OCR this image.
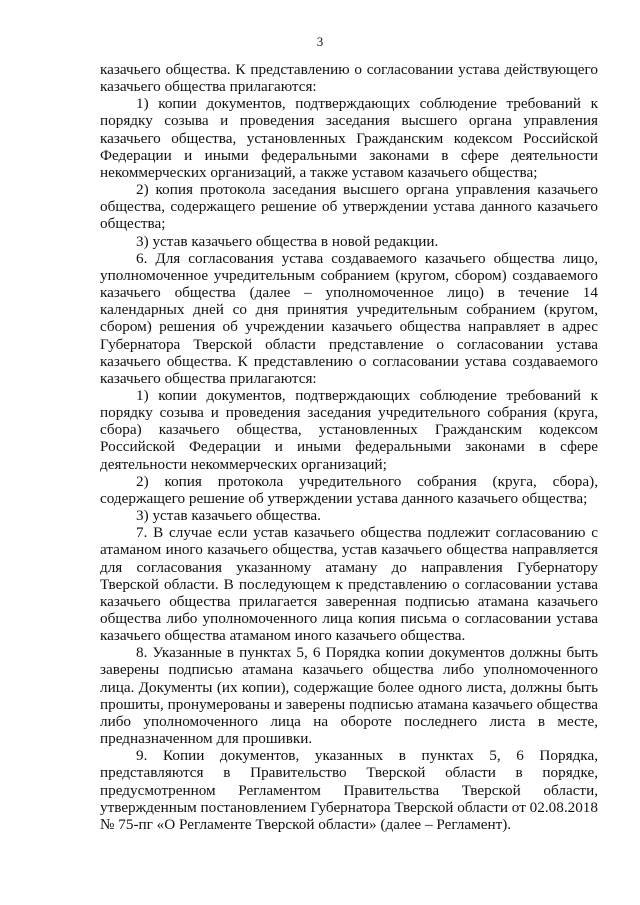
3

казачьего общества. К представлению о согласовании устава действующего казачьего общества прилагаются:

1) копии документов, подтверждающих соблюдение требований к порядку созыва и проведения заседания высшего органа управления казачьего общества, установленных Гражданским кодексом Российской Федерации и иными федеральными законами в сфере деятельности некоммерческих организаций, а также уставом казачьего общества;

2) копия протокола заседания высшего органа управления казачьего общества, содержащего решение об утверждении устава данного казачьего общества;

3) устав казачьего общества в новой редакции.

6. Для согласования устава создаваемого казачьего общества лицо, уполномоченное учредительным собранием (кругом, сбором) создаваемого казачьего общества (далее – уполномоченное лицо) в течение 14 календарных дней со дня принятия учредительным собранием (кругом, сбором) решения об учреждении казачьего общества направляет в адрес Губернатора Тверской области представление о согласовании устава казачьего общества. К представлению о согласовании устава создаваемого казачьего общества прилагаются:

1) копии документов, подтверждающих соблюдение требований к порядку созыва и проведения заседания учредительного собрания (круга, сбора) казачьего общества, установленных Гражданским кодексом Российской Федерации и иными федеральными законами в сфере деятельности некоммерческих организаций;

2) копия протокола учредительного собрания (круга, сбора), содержащего решение об утверждении устава данного казачьего общества;

3) устав казачьего общества.

7. В случае если устав казачьего общества подлежит согласованию с атаманом иного казачьего общества, устав казачьего общества направляется для согласования указанному атаману до направления Губернатору Тверской области. В последующем к представлению о согласовании устава казачьего общества прилагается заверенная подписью атамана казачьего общества либо уполномоченного лица копия письма о согласовании устава казачьего общества атаманом иного казачьего общества.

8. Указанные в пунктах 5, 6 Порядка копии документов должны быть заверены подписью атамана казачьего общества либо уполномоченного лица. Документы (их копии), содержащие более одного листа, должны быть прошиты, пронумерованы и заверены подписью атамана казачьего общества либо уполномоченного лица на обороте последнего листа в месте, предназначенном для прошивки.

9. Копии документов, указанных в пунктах 5, 6 Порядка, представляются в Правительство Тверской области в порядке, предусмотренном Регламентом Правительства Тверской области, утвержденным постановлением Губернатора Тверской области от 02.08.2018 № 75-пг «О Регламенте Тверской области» (далее – Регламент).
